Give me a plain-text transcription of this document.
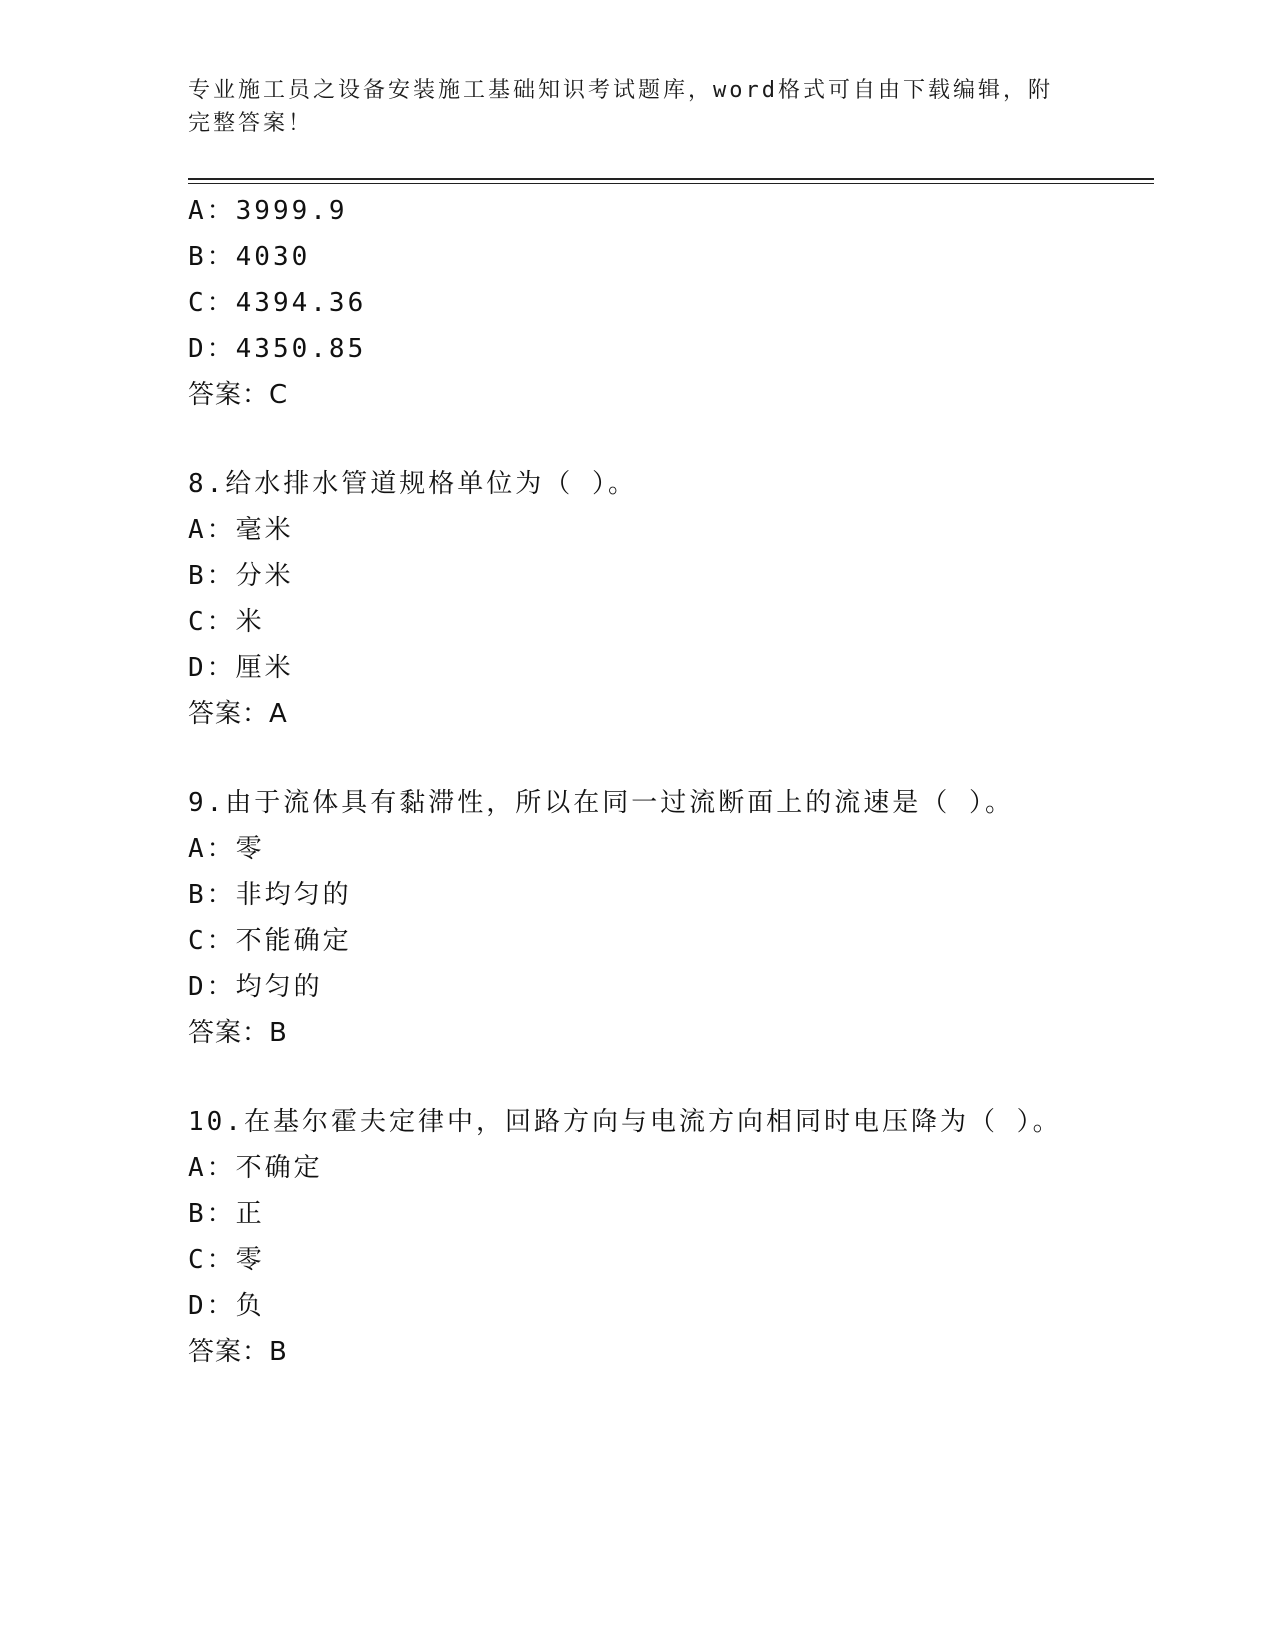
专业施工员之设备安装施工基础知识考试题库，word格式可自由下载编辑，附完整答案！
A：3999.9
B：4030
C：4394.36
D：4350.85
答案：C
8.给水排水管道规格单位为（ ）。
A：毫米
B：分米
C：米
D：厘米
答案：A
9.由于流体具有黏滞性，所以在同一过流断面上的流速是（ ）。
A：零
B：非均匀的
C：不能确定
D：均匀的
答案：B
10.在基尔霍夫定律中，回路方向与电流方向相同时电压降为（ ）。
A：不确定
B：正
C：零
D：负
答案：B
